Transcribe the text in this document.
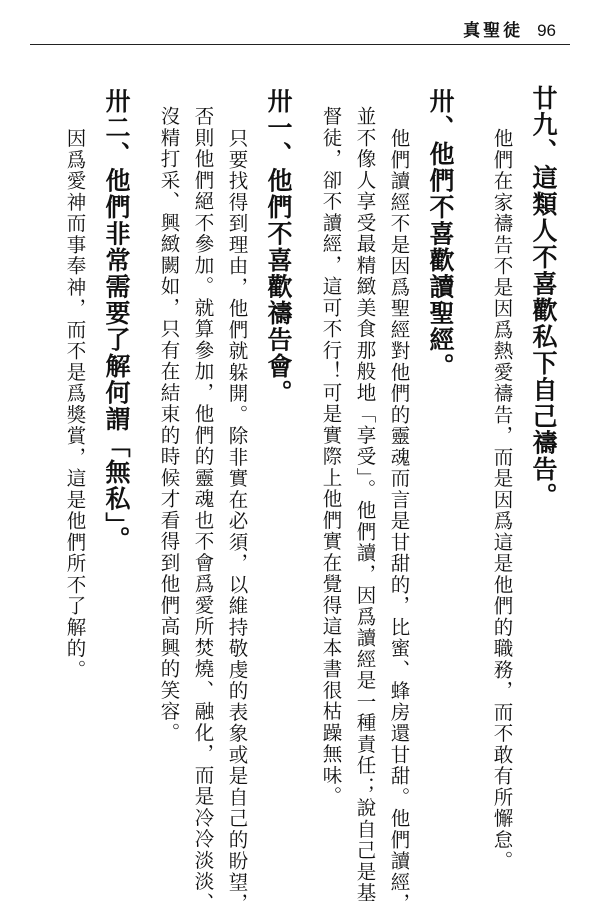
真聖徒 96
廿九、這類人不喜歡私下自己禱告。
他們在家禱告不是因爲熱愛禱告，而是因爲這是他們的職務，而不敢有所懈怠。
卅、他們不喜歡讀聖經。
他們讀經不是因爲聖經對他們的靈魂而言是甘甜的，比蜜、蜂房還甘甜。他們讀經，
並不像人享受最精緻美食那般地「享受」。他們讀，因爲讀經是一種責任；說自己是基
督徒，卻不讀經，這可不行！可是實際上他們實在覺得這本書很枯躁無味。
卅一、他們不喜歡禱告會。
只要找得到理由，他們就躲開。除非實在必須，以維持敬虔的表象或是自己的盼望，
否則他們絕不參加。就算參加，他們的靈魂也不會爲愛所焚燒、融化，而是冷冷淡淡、
沒精打采、興緻闕如，只有在結束的時候才看得到他們高興的笑容。
卅二、他們非常需要了解何謂「無私」。
因爲愛神而事奉神，而不是爲獎賞，這是他們所不了解的。
